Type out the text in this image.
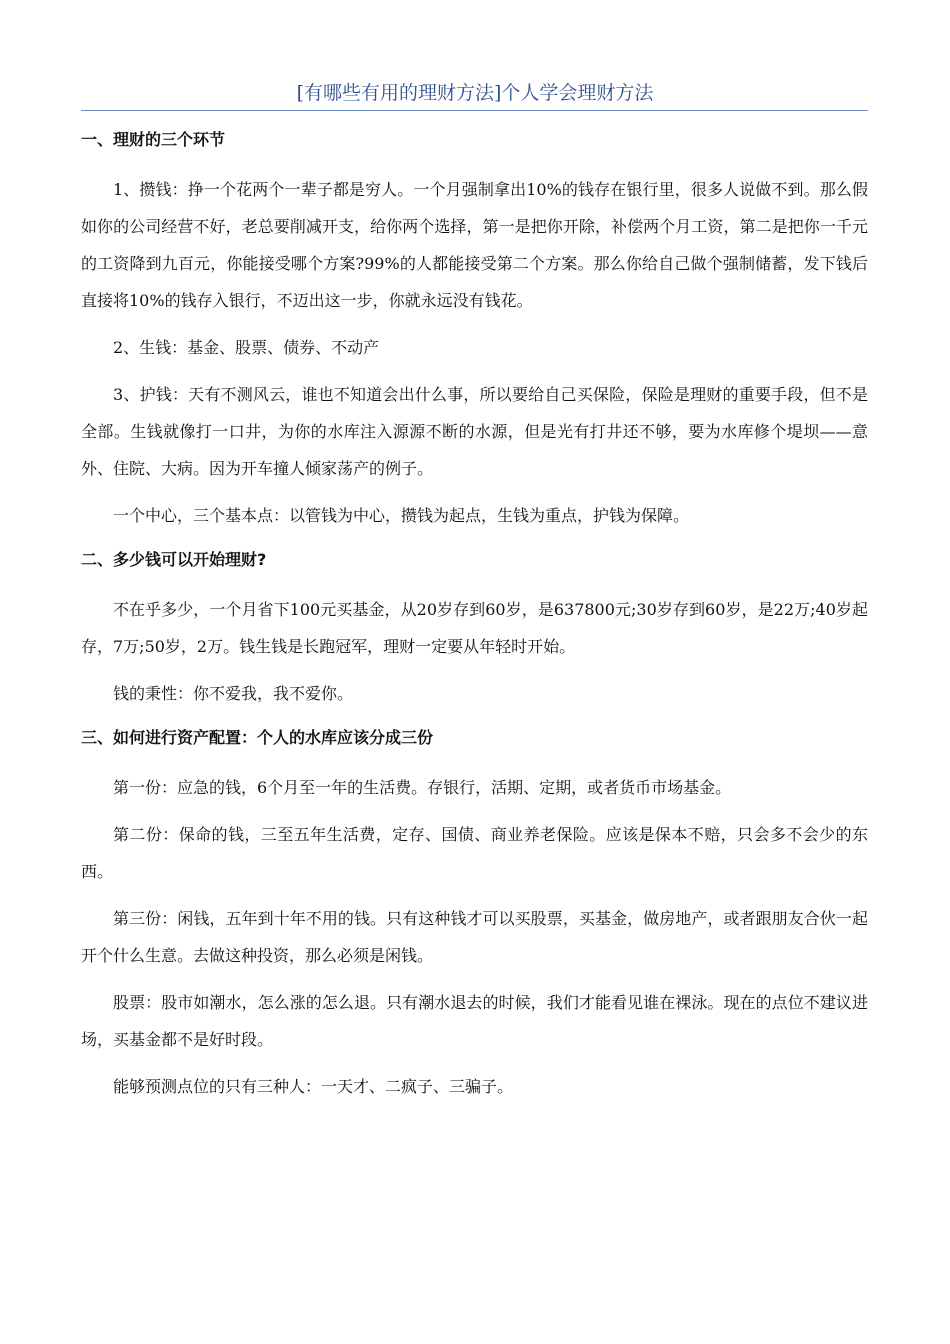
[有哪些有用的理财方法]个人学会理财方法
一、理财的三个环节
1、攒钱：挣一个花两个一辈子都是穷人。一个月强制拿出10%的钱存在银行里，很多人说做不到。那么假如你的公司经营不好，老总要削减开支，给你两个选择，第一是把你开除，补偿两个月工资，第二是把你一千元的工资降到九百元，你能接受哪个方案?99%的人都能接受第二个方案。那么你给自己做个强制储蓄，发下钱后直接将10%的钱存入银行，不迈出这一步，你就永远没有钱花。
2、生钱：基金、股票、债券、不动产
3、护钱：天有不测风云，谁也不知道会出什么事，所以要给自己买保险，保险是理财的重要手段，但不是全部。生钱就像打一口井，为你的水库注入源源不断的水源，但是光有打井还不够，要为水库修个堤坝——意外、住院、大病。因为开车撞人倾家荡产的例子。
一个中心，三个基本点：以管钱为中心，攒钱为起点，生钱为重点，护钱为保障。
二、多少钱可以开始理财?
不在乎多少，一个月省下100元买基金，从20岁存到60岁，是637800元;30岁存到60岁，是22万;40岁起存，7万;50岁，2万。钱生钱是长跑冠军，理财一定要从年轻时开始。
钱的秉性：你不爱我，我不爱你。
三、如何进行资产配置：个人的水库应该分成三份
第一份：应急的钱，6个月至一年的生活费。存银行，活期、定期，或者货币市场基金。
第二份：保命的钱，三至五年生活费，定存、国债、商业养老保险。应该是保本不赔，只会多不会少的东西。
第三份：闲钱，五年到十年不用的钱。只有这种钱才可以买股票，买基金，做房地产，或者跟朋友合伙一起开个什么生意。去做这种投资，那么必须是闲钱。
股票：股市如潮水，怎么涨的怎么退。只有潮水退去的时候，我们才能看见谁在裸泳。现在的点位不建议进场，买基金都不是好时段。
能够预测点位的只有三种人：一天才、二疯子、三骗子。
